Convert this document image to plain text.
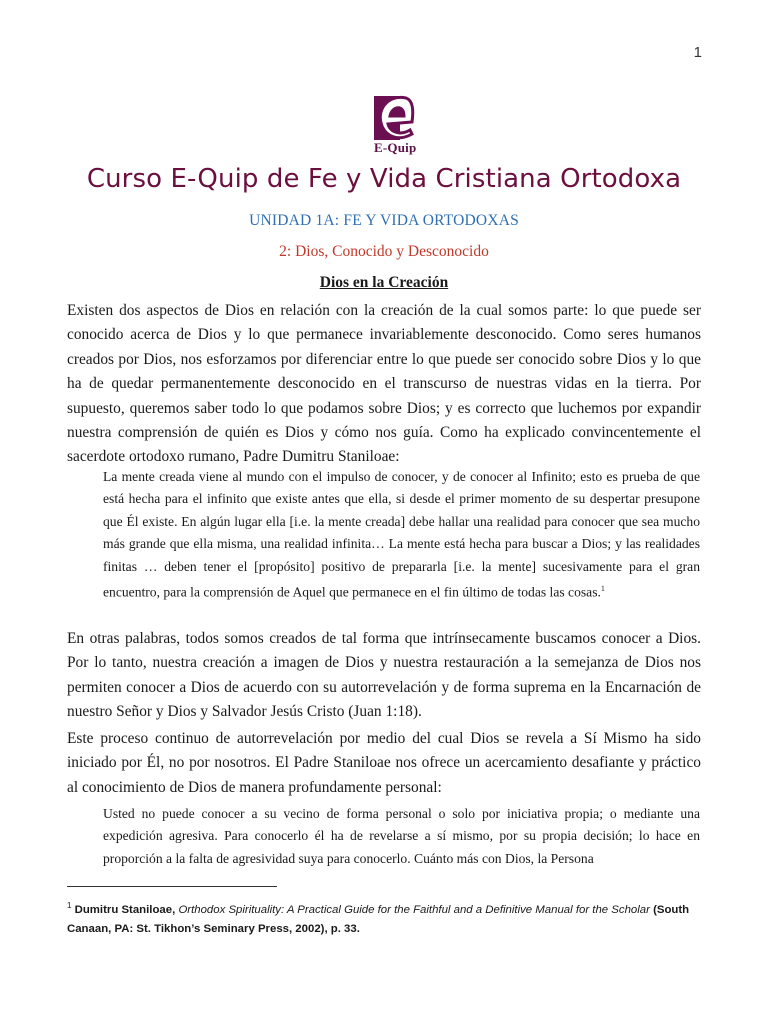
1
E-Quip
Curso E-Quip de Fe y Vida Cristiana Ortodoxa
UNIDAD 1A: FE Y VIDA ORTODOXAS
2: Dios, Conocido y Desconocido
Dios en la Creación

Existen dos aspectos de Dios en relación con la creación de la cual somos parte: lo que puede ser conocido acerca de Dios y lo que permanece invariablemente desconocido. Como seres humanos creados por Dios, nos esforzamos por diferenciar entre lo que puede ser conocido sobre Dios y lo que ha de quedar permanentemente desconocido en el transcurso de nuestras vidas en la tierra. Por supuesto, queremos saber todo lo que podamos sobre Dios; y es correcto que luchemos por expandir nuestra comprensión de quién es Dios y cómo nos guía. Como ha explicado convincentemente el sacerdote ortodoxo rumano, Padre Dumitru Staniloae:

La mente creada viene al mundo con el impulso de conocer, y de conocer al Infinito; esto es prueba de que está hecha para el infinito que existe antes que ella, si desde el primer momento de su despertar presupone que Él existe. En algún lugar ella [i.e. la mente creada] debe hallar una realidad para conocer que sea mucho más grande que ella misma, una realidad infinita… La mente está hecha para buscar a Dios; y las realidades finitas … deben tener el [propósito] positivo de prepararla [i.e. la mente] sucesivamente para el gran encuentro, para la comprensión de Aquel que permanece en el fin último de todas las cosas.$^1$

En otras palabras, todos somos creados de tal forma que intrínsecamente buscamos conocer a Dios. Por lo tanto, nuestra creación a imagen de Dios y nuestra restauración a la semejanza de Dios nos permiten conocer a Dios de acuerdo con su autorrevelación y de forma suprema en la Encarnación de nuestro Señor y Dios y Salvador Jesús Cristo (Juan 1:18).

Este proceso continuo de autorrevelación por medio del cual Dios se revela a Sí Mismo ha sido iniciado por Él, no por nosotros. El Padre Staniloae nos ofrece un acercamiento desafiante y práctico al conocimiento de Dios de manera profundamente personal:

Usted no puede conocer a su vecino de forma personal o solo por iniciativa propia; o mediante una expedición agresiva. Para conocerlo él ha de revelarse a sí mismo, por su propia decisión; lo hace en proporción a la falta de agresividad suya para conocerlo. Cuánto más con Dios, la Persona

$^1$ Dumitru Staniloae, Orthodox Spirituality: A Practical Guide for the Faithful and a Definitive Manual for the Scholar (South Canaan, PA: St. Tikhon’s Seminary Press, 2002), p. 33.
